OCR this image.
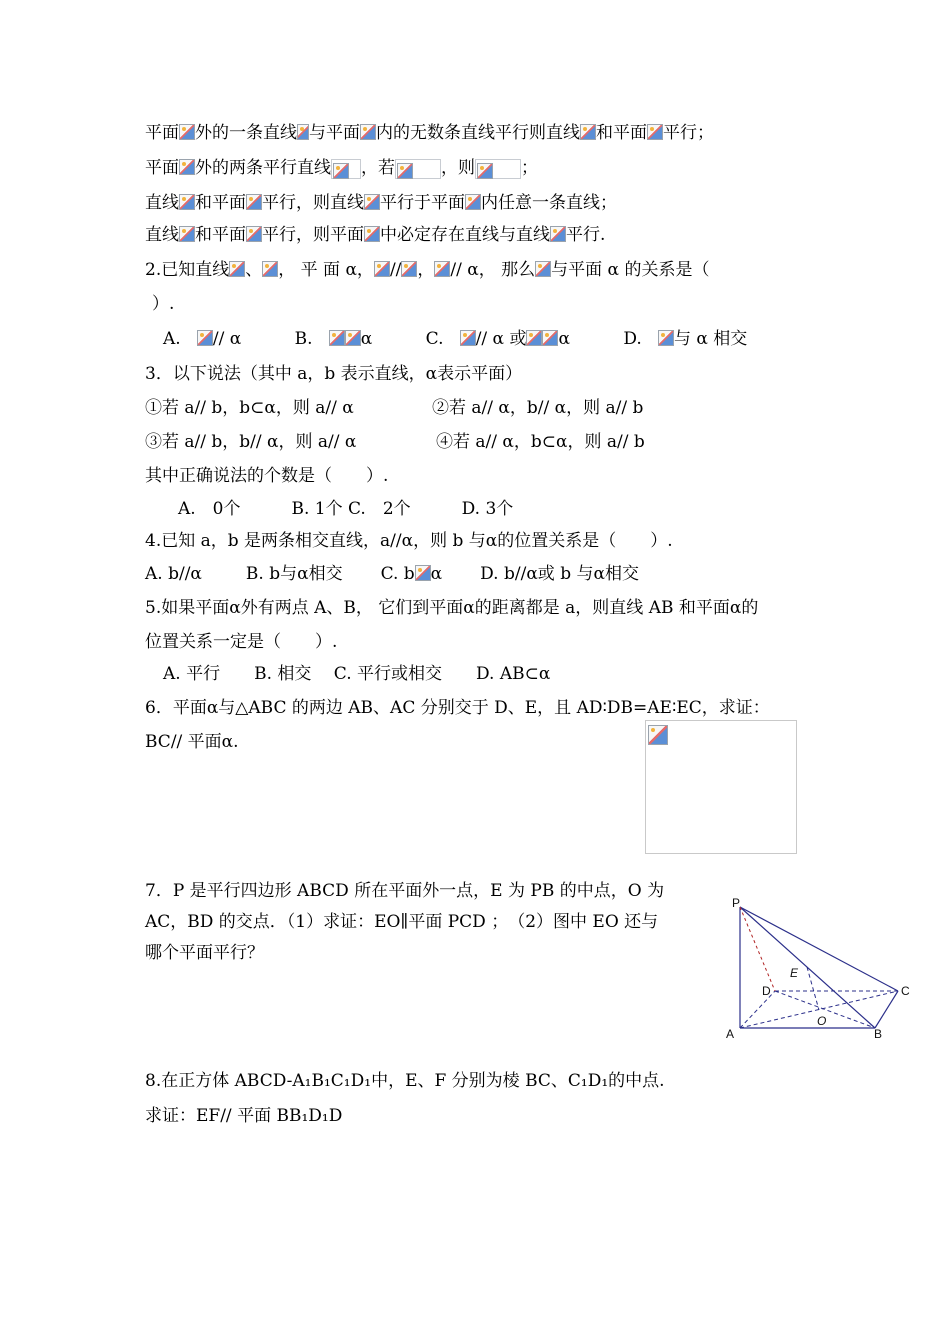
平面 外的一条直线 与平面 内的无数条直线平行则直线 和平面 平行；
平面 外的两条平行直线 ，若	，则	；
直线 和平面 平行，则直线 平行于平面 内任意一条直线；
直线 和平面 平行，则平面 中必定存在直线与直线 平行.
2.已知直线 、 ， 平 面 α， // ， // α， 那么 与平面 α 的关系是（
）.
A. // α	B.	α	C. // α 或 α	D. 与 α 相交
3．以下说法（其中 a，b 表示直线，α表示平面）
①若 a// b，b⊂α，则 a// α	②若 a// α，b// α，则 a// b
③若 a// b，b// α，则 a// α	④若 a// α，b⊂α，则 a// b
其中正确说法的个数是（　　）.
A.　0个　　　B. 1个 C.　2个　　　D. 3个
4.已知 a，b 是两条相交直线，a//α，则 b 与α的位置关系是（　　）.
A. b//α	B. b与α相交 C. b α D. b//α或 b 与α相交
5.如果平面α外有两点 A、B， 它们到平面α的距离都是 a，则直线 AB 和平面α的
位置关系一定是（　　）.
A. 平行　　B. 相交　 C. 平行或相交　　D. AB⊂α
6．平面α与△ABC 的两边 AB、AC 分别交于 D、E，且 AD∶DB=AE∶EC，求证：
BC// 平面α.
7．P 是平行四边形 ABCD 所在平面外一点，E 为 PB 的中点，O 为
AC，BD 的交点．（1）求证：EO∥平面 PCD ；　（2）图中 EO 还与
哪个平面平行？
P
E
D	C
O
A	B
8.在正方体 ABCD-A₁B₁C₁D₁中，E、F 分别为棱 BC、C₁D₁的中点.
求证：EF// 平面 BB₁D₁D
